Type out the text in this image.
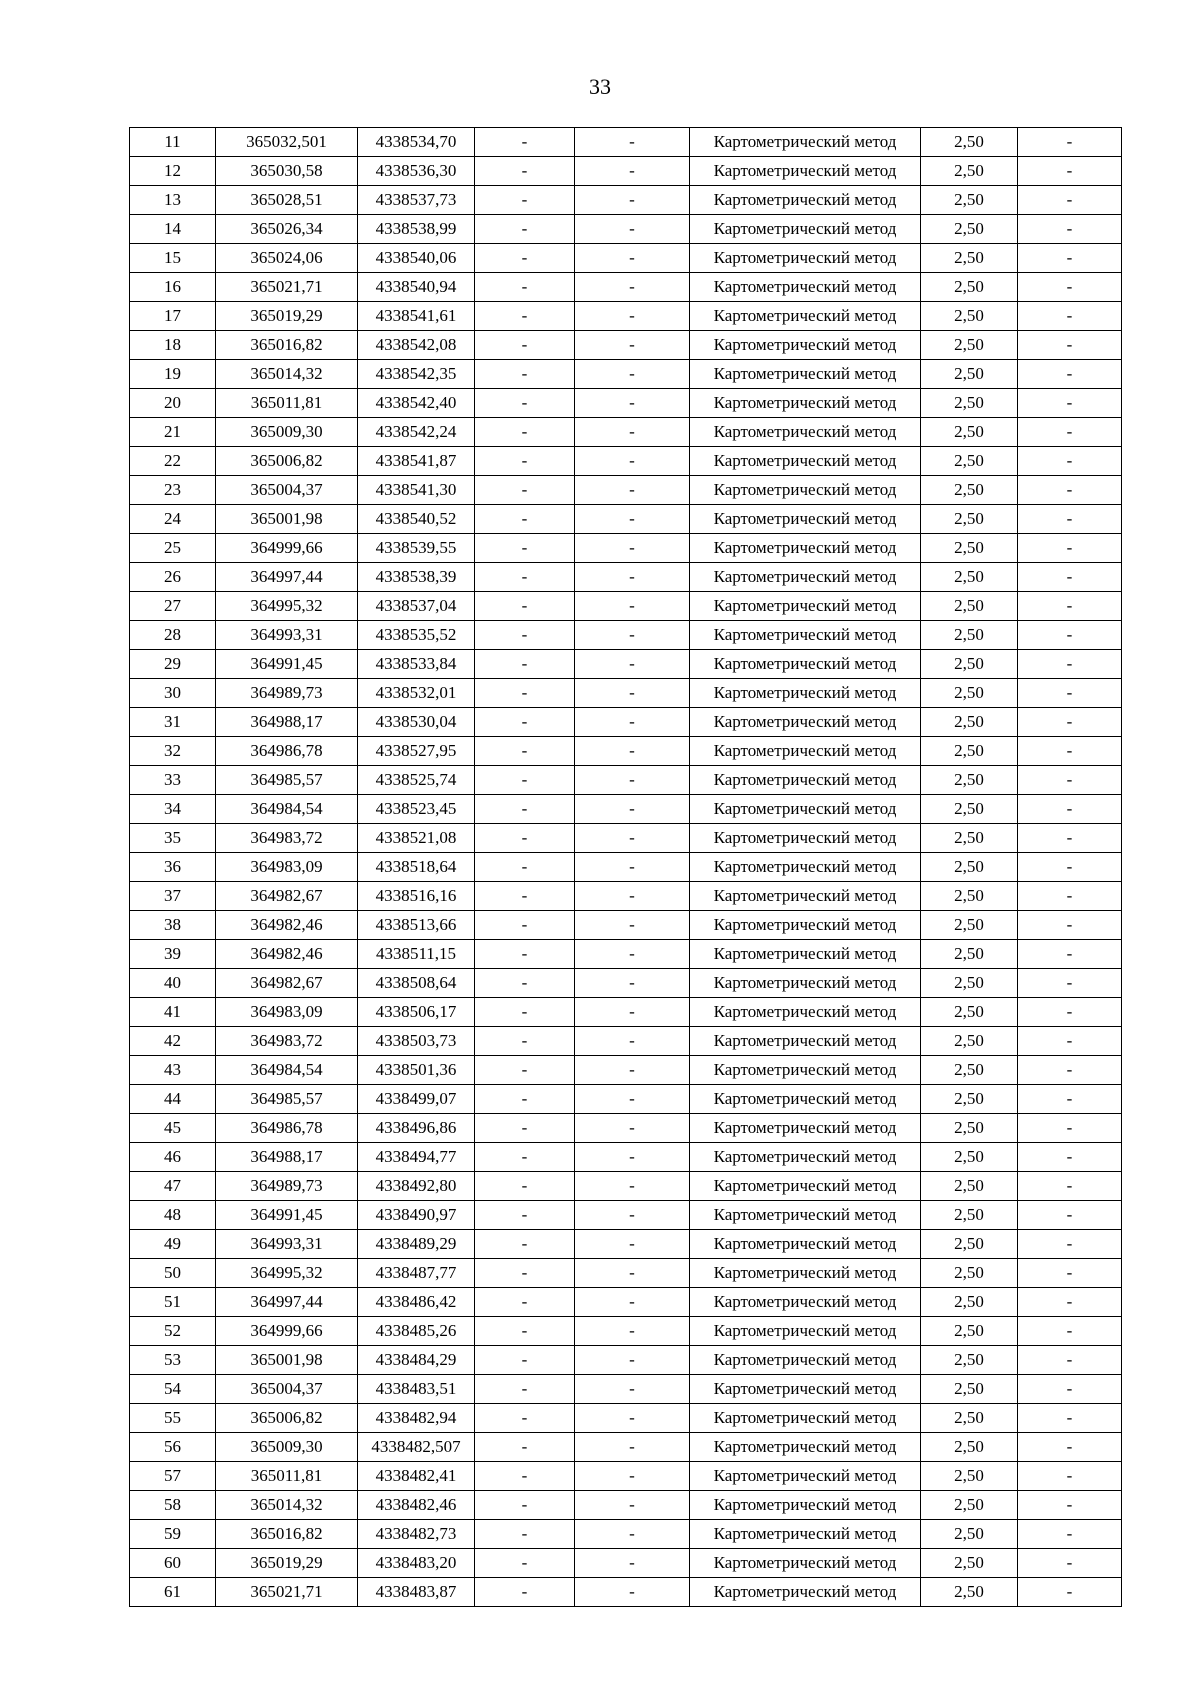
33
11	365032,501	4338534,70	-	-	Картометрический метод	2,50	-
12	365030,58	4338536,30	-	-	Картометрический метод	2,50	-
13	365028,51	4338537,73	-	-	Картометрический метод	2,50	-
14	365026,34	4338538,99	-	-	Картометрический метод	2,50	-
15	365024,06	4338540,06	-	-	Картометрический метод	2,50	-
16	365021,71	4338540,94	-	-	Картометрический метод	2,50	-
17	365019,29	4338541,61	-	-	Картометрический метод	2,50	-
18	365016,82	4338542,08	-	-	Картометрический метод	2,50	-
19	365014,32	4338542,35	-	-	Картометрический метод	2,50	-
20	365011,81	4338542,40	-	-	Картометрический метод	2,50	-
21	365009,30	4338542,24	-	-	Картометрический метод	2,50	-
22	365006,82	4338541,87	-	-	Картометрический метод	2,50	-
23	365004,37	4338541,30	-	-	Картометрический метод	2,50	-
24	365001,98	4338540,52	-	-	Картометрический метод	2,50	-
25	364999,66	4338539,55	-	-	Картометрический метод	2,50	-
26	364997,44	4338538,39	-	-	Картометрический метод	2,50	-
27	364995,32	4338537,04	-	-	Картометрический метод	2,50	-
28	364993,31	4338535,52	-	-	Картометрический метод	2,50	-
29	364991,45	4338533,84	-	-	Картометрический метод	2,50	-
30	364989,73	4338532,01	-	-	Картометрический метод	2,50	-
31	364988,17	4338530,04	-	-	Картометрический метод	2,50	-
32	364986,78	4338527,95	-	-	Картометрический метод	2,50	-
33	364985,57	4338525,74	-	-	Картометрический метод	2,50	-
34	364984,54	4338523,45	-	-	Картометрический метод	2,50	-
35	364983,72	4338521,08	-	-	Картометрический метод	2,50	-
36	364983,09	4338518,64	-	-	Картометрический метод	2,50	-
37	364982,67	4338516,16	-	-	Картометрический метод	2,50	-
38	364982,46	4338513,66	-	-	Картометрический метод	2,50	-
39	364982,46	4338511,15	-	-	Картометрический метод	2,50	-
40	364982,67	4338508,64	-	-	Картометрический метод	2,50	-
41	364983,09	4338506,17	-	-	Картометрический метод	2,50	-
42	364983,72	4338503,73	-	-	Картометрический метод	2,50	-
43	364984,54	4338501,36	-	-	Картометрический метод	2,50	-
44	364985,57	4338499,07	-	-	Картометрический метод	2,50	-
45	364986,78	4338496,86	-	-	Картометрический метод	2,50	-
46	364988,17	4338494,77	-	-	Картометрический метод	2,50	-
47	364989,73	4338492,80	-	-	Картометрический метод	2,50	-
48	364991,45	4338490,97	-	-	Картометрический метод	2,50	-
49	364993,31	4338489,29	-	-	Картометрический метод	2,50	-
50	364995,32	4338487,77	-	-	Картометрический метод	2,50	-
51	364997,44	4338486,42	-	-	Картометрический метод	2,50	-
52	364999,66	4338485,26	-	-	Картометрический метод	2,50	-
53	365001,98	4338484,29	-	-	Картометрический метод	2,50	-
54	365004,37	4338483,51	-	-	Картометрический метод	2,50	-
55	365006,82	4338482,94	-	-	Картометрический метод	2,50	-
56	365009,30	4338482,507	-	-	Картометрический метод	2,50	-
57	365011,81	4338482,41	-	-	Картометрический метод	2,50	-
58	365014,32	4338482,46	-	-	Картометрический метод	2,50	-
59	365016,82	4338482,73	-	-	Картометрический метод	2,50	-
60	365019,29	4338483,20	-	-	Картометрический метод	2,50	-
61	365021,71	4338483,87	-	-	Картометрический метод	2,50	-
